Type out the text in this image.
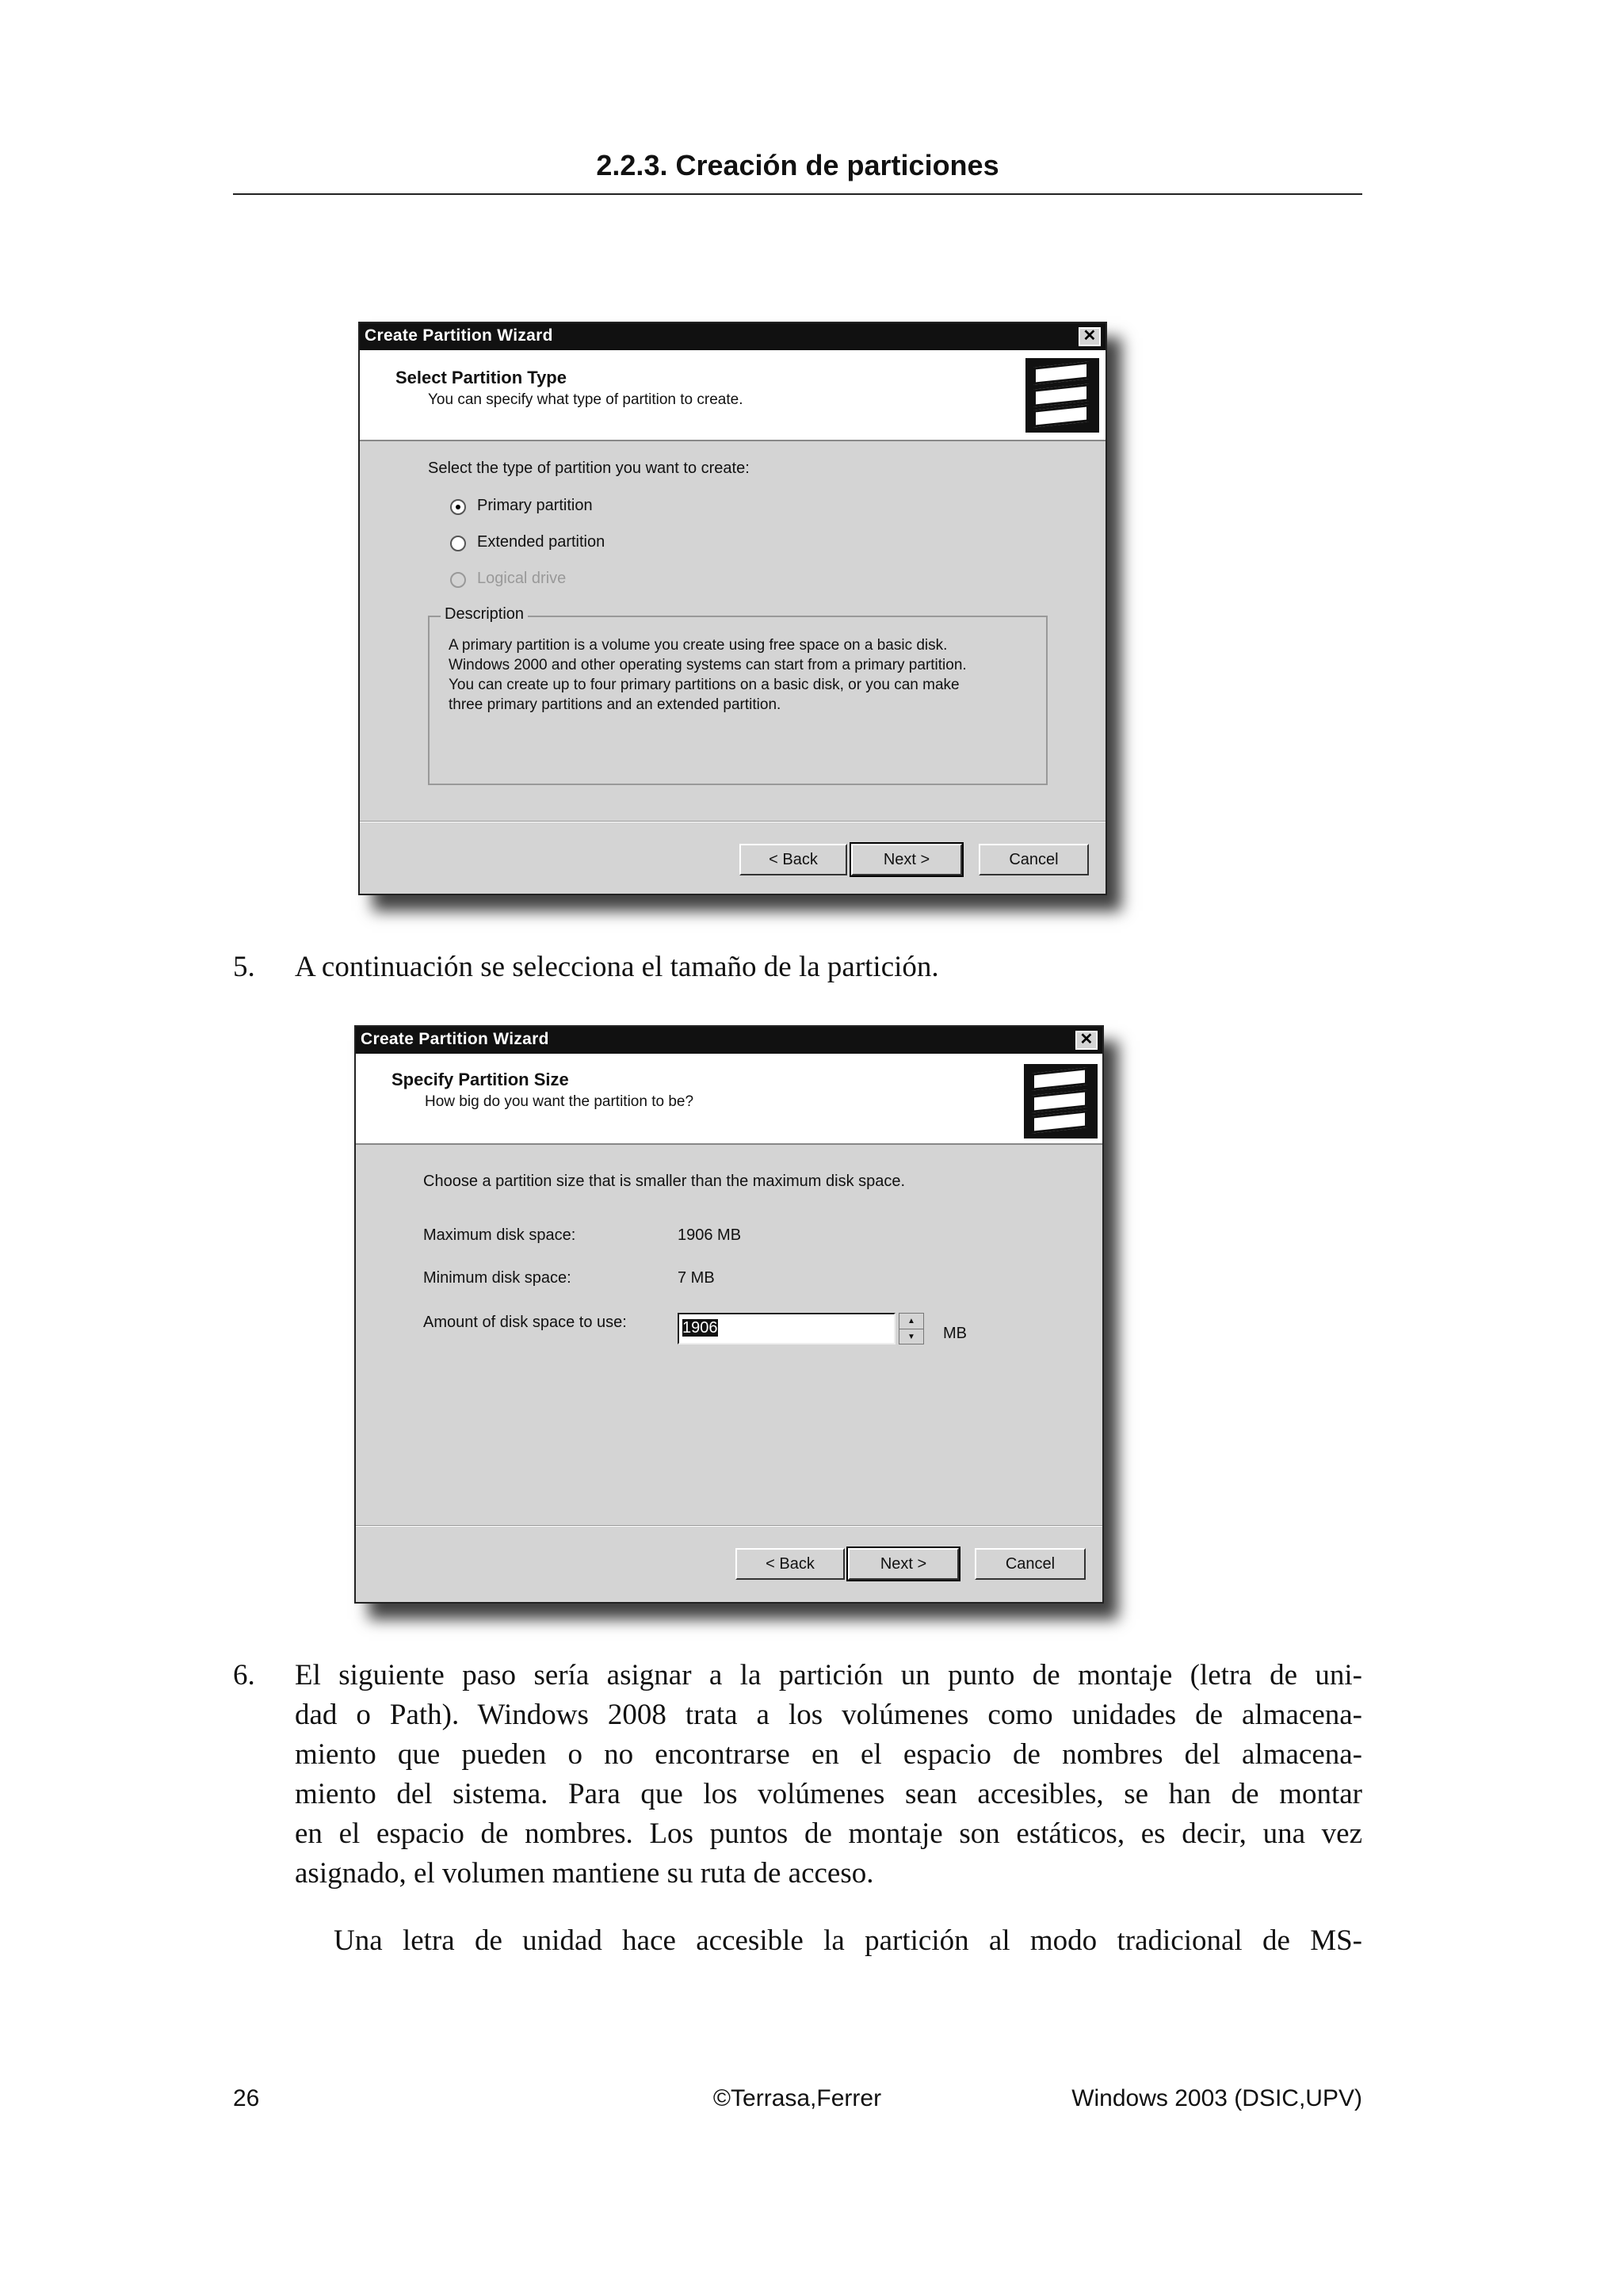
2.2.3. Creación de particiones
Create Partition Wizard	✕
Select Partition Type
You can specify what type of partition to create.
Select the type of partition you want to create:
Primary partition
Extended partition
Logical drive
Description
A primary partition is a volume you create using free space on a basic disk.
Windows 2000 and other operating systems can start from a primary partition.
You can create up to four primary partitions on a basic disk, or you can make
three primary partitions and an extended partition.
< Back	Next >	Cancel
5. A continuación se selecciona el tamaño de la partición.
Create Partition Wizard	✕
Specify Partition Size
How big do you want the partition to be?
Choose a partition size that is smaller than the maximum disk space.
Maximum disk space:	1906 MB
Minimum disk space:	7 MB
Amount of disk space to use:	1906	▲
▼	MB
< Back	Next >	Cancel
6. El siguiente paso sería asignar a la partición un punto de montaje (letra de uni-
dad o Path). Windows 2008 trata a los volúmenes como unidades de almacena-
miento que pueden o no encontrarse en el espacio de nombres del almacena-
miento del sistema. Para que los volúmenes sean accesibles, se han de montar
en el espacio de nombres. Los puntos de montaje son estáticos, es decir, una vez
asignado, el volumen mantiene su ruta de acceso.
Una letra de unidad hace accesible la partición al modo tradicional de MS-
26	©Terrasa,Ferrer	Windows 2003 (DSIC,UPV)
